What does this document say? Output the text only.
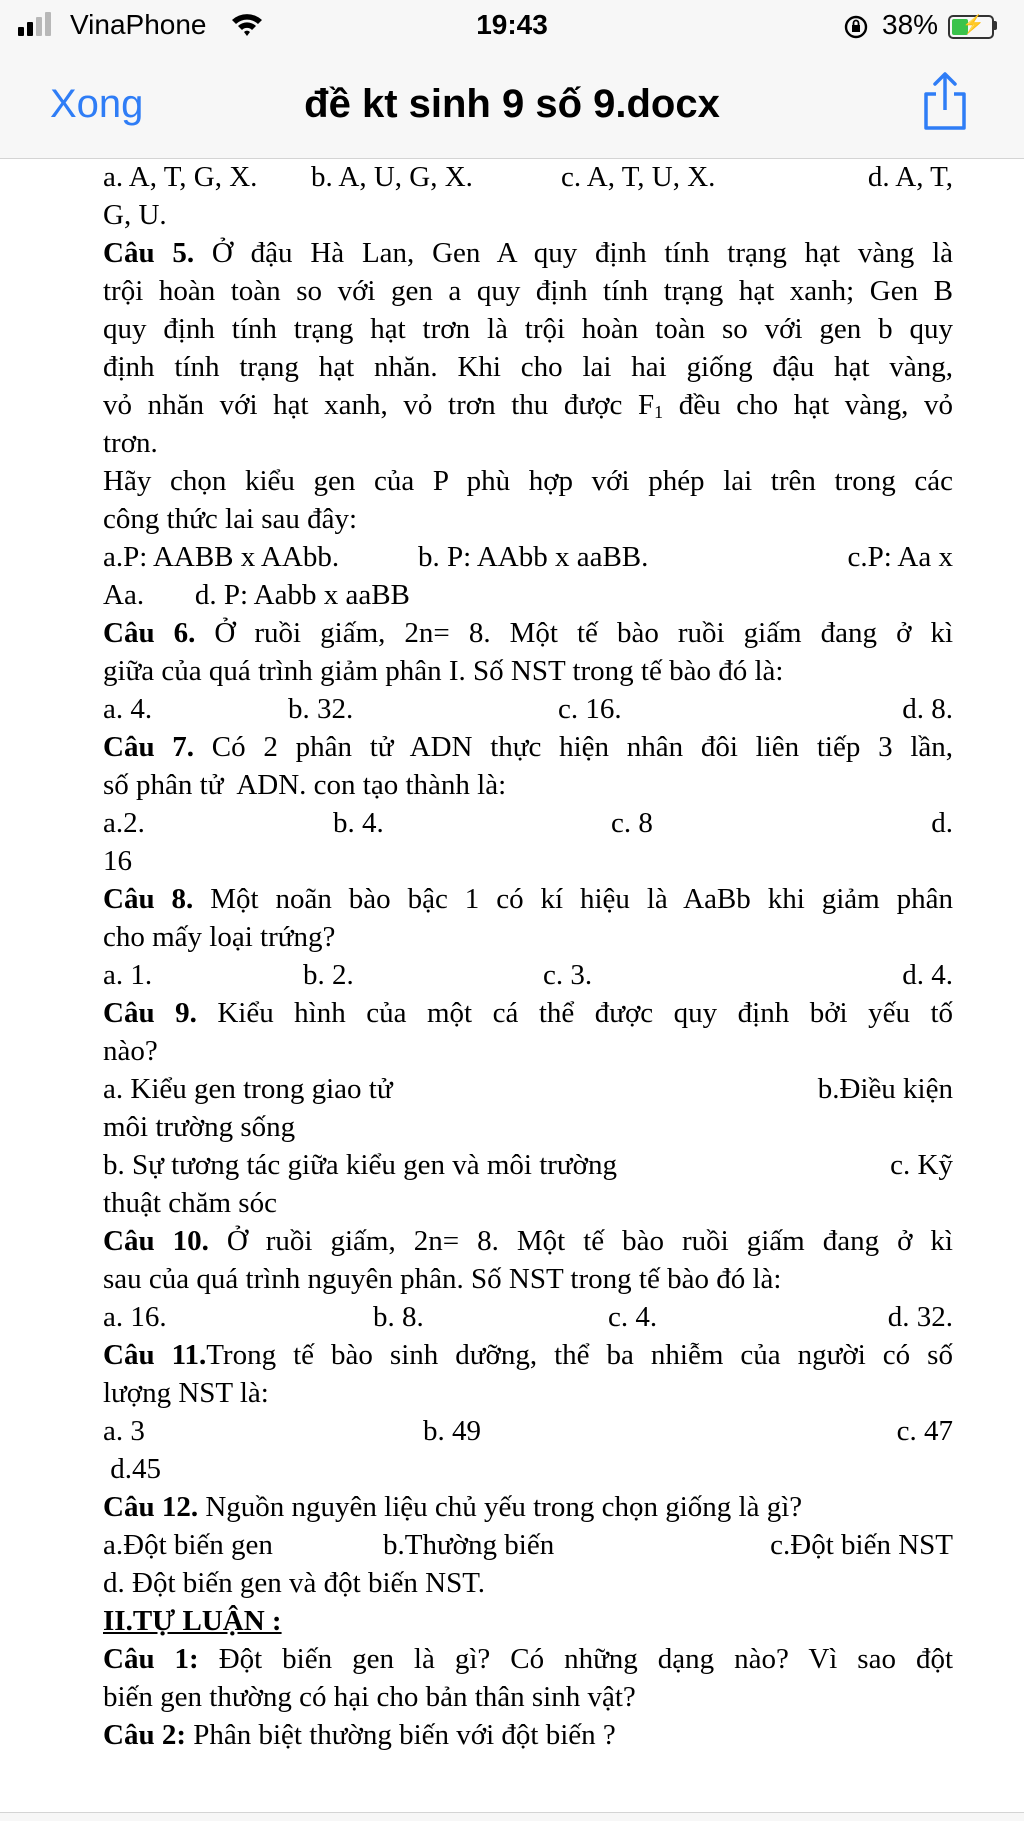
VinaPhone	19:43	38% ⚡
Xong	đề kt sinh 9 số 9.docx
a. A, T, G, X.	b. A, U, G, X.	c. A, T, U, X.	d. A, T,
G, U.
Câu 5. Ở đậu Hà Lan, Gen A quy định tính trạng hạt vàng là
trội hoàn toàn so với gen a quy định tính trạng hạt xanh; Gen B
quy định tính trạng hạt trơn là trội hoàn toàn so với gen b quy
định tính trạng hạt nhăn. Khi cho lai hai giống đậu hạt vàng,
vỏ nhăn với hạt xanh, vỏ trơn thu được $F_1$ đều cho hạt vàng, vỏ
trơn.
Hãy chọn kiểu gen của P phù hợp với phép lai trên trong các
công thức lai sau đây:
a.P: AABB x AAbb.	b. P: AAbb x aaBB.	c.P: Aa x
Aa.       d. P: Aabb x aaBB
Câu 6. Ở ruồi giấm, 2n= 8. Một tế bào ruồi giấm đang ở kì
giữa của quá trình giảm phân I. Số NST trong tế bào đó là:
a. 4.	b. 32.	c. 16.	d. 8.
Câu 7. Có 2 phân tử ADN thực hiện nhân đôi liên tiếp 3 lần,
số phân tử  ADN. con tạo thành là:
a.2.	b. 4.	c. 8	d.
16
Câu 8. Một noãn bào bậc 1 có kí hiệu là AaBb khi giảm phân
cho mấy loại trứng?
a. 1.	b. 2.	c. 3.	d. 4.
Câu 9. Kiểu hình của một cá thể được quy định bởi yếu tố
nào?
a. Kiểu gen trong giao tử	b.Điều kiện
môi trường sống
b. Sự tương tác giữa kiểu gen và môi trường	c. Kỹ
thuật chăm sóc
Câu 10. Ở ruồi giấm, 2n= 8. Một tế bào ruồi giấm đang ở kì
sau của quá trình nguyên phân. Số NST trong tế bào đó là:
a. 16.	b. 8.	c. 4.	d. 32.
Câu 11.Trong tế bào sinh dưỡng, thể ba nhiễm của người có số
lượng NST là:
a. 3	b. 49	c. 47
d.45
Câu 12. Nguồn nguyên liệu chủ yếu trong chọn giống là gì?
a.Đột biến gen	b.Thường biến	c.Đột biến NST
d. Đột biến gen và đột biến NST.
II.TỰ LUẬN :
Câu 1: Đột biến gen là gì? Có những dạng nào? Vì sao đột
biến gen thường có hại cho bản thân sinh vật?
Câu 2: Phân biệt thường biến với đột biến ?
